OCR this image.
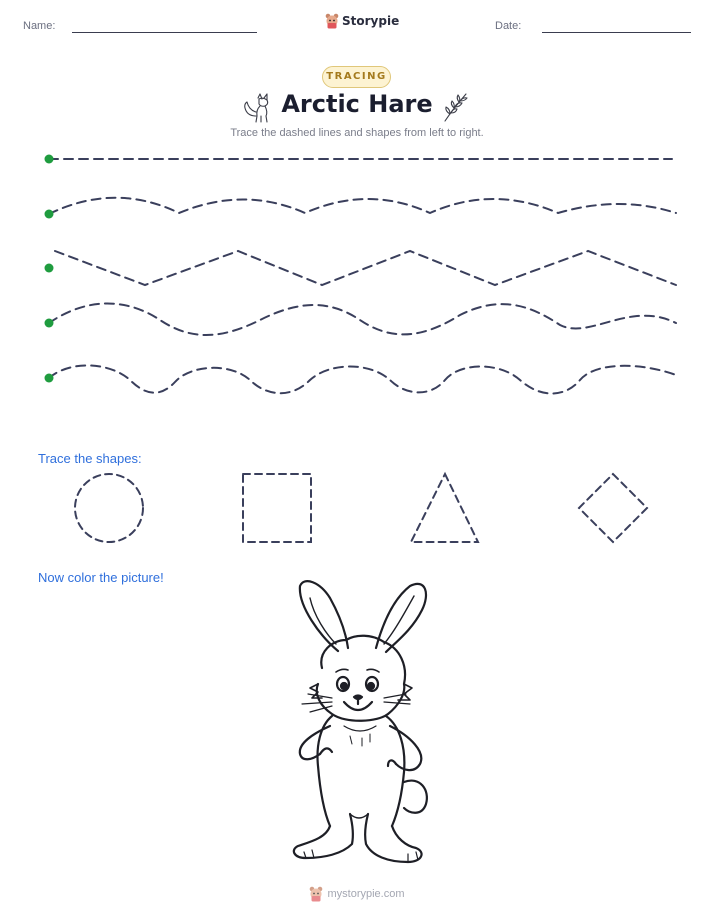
Name:	Storypie	Date:
TRACING
Arctic Hare
Trace the dashed lines and shapes from left to right.
Trace the shapes:
Now color the picture!
mystorypie.com
